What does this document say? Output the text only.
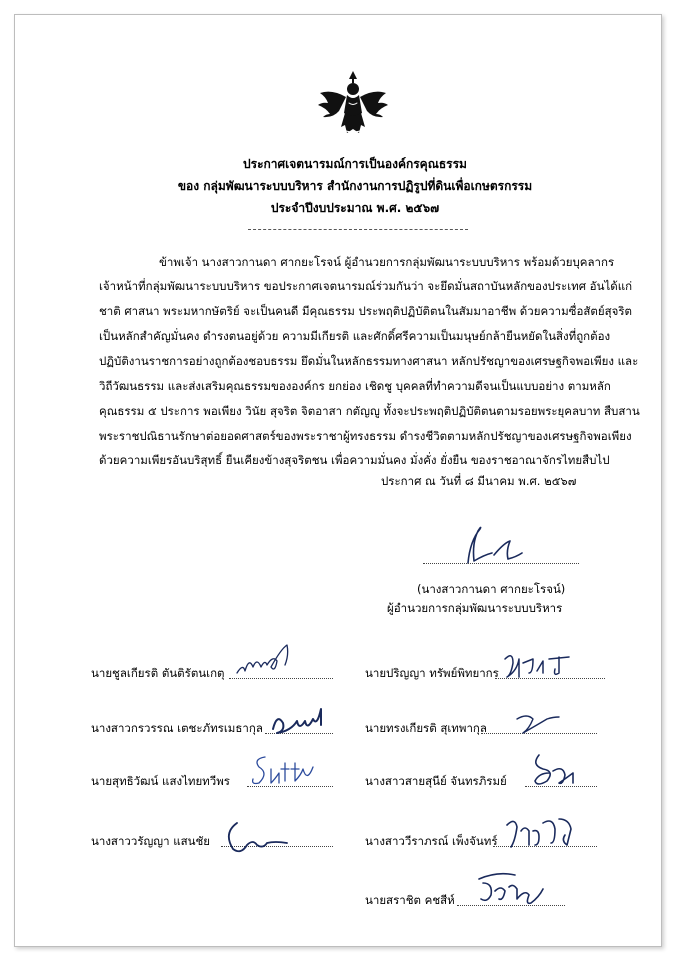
ประกาศเจตนารมณ์การเป็นองค์กรคุณธรรม
ของ กลุ่มพัฒนาระบบบริหาร สำนักงานการปฏิรูปที่ดินเพื่อเกษตรกรรม
ประจำปีงบประมาณ พ.ศ. ๒๕๖๗
ข้าพเจ้า นางสาวกานดา ศากยะโรจน์ ผู้อำนวยการกลุ่มพัฒนาระบบบริหาร พร้อมด้วยบุคลากร
เจ้าหน้าที่กลุ่มพัฒนาระบบบริหาร ขอประกาศเจตนารมณ์ร่วมกันว่า จะยึดมั่นสถาบันหลักของประเทศ อันได้แก่
ชาติ ศาสนา พระมหากษัตริย์ จะเป็นคนดี มีคุณธรรม ประพฤติปฏิบัติตนในสัมมาอาชีพ ด้วยความซื่อสัตย์สุจริต
เป็นหลักสำคัญมั่นคง ดำรงตนอยู่ด้วย ความมีเกียรติ และศักดิ์ศรีความเป็นมนุษย์กล้ายืนหยัดในสิ่งที่ถูกต้อง
ปฏิบัติงานราชการอย่างถูกต้องชอบธรรม ยึดมั่นในหลักธรรมทางศาสนา หลักปรัชญาของเศรษฐกิจพอเพียง และ
วิถีวัฒนธรรม และส่งเสริมคุณธรรมขององค์กร ยกย่อง เชิดชู บุคคลที่ทำความดีจนเป็นแบบอย่าง ตามหลัก
คุณธรรม ๕ ประการ พอเพียง วินัย สุจริต จิตอาสา กตัญญู ทั้งจะประพฤติปฏิบัติตนตามรอยพระยุคลบาท สืบสาน
พระราชปณิธานรักษาต่อยอดศาสตร์ของพระราชาผู้ทรงธรรม ดำรงชีวิตตามหลักปรัชญาของเศรษฐกิจพอเพียง
ด้วยความเพียรอันบริสุทธิ์ ยืนเคียงข้างสุจริตชน เพื่อความมั่นคง มั่งคั่ง ยั่งยืน ของราชอาณาจักรไทยสืบไป
ประกาศ ณ วันที่ ๘ มีนาคม พ.ศ. ๒๕๖๗
(นางสาวกานดา ศากยะโรจน์)
ผู้อำนวยการกลุ่มพัฒนาระบบบริหาร
นายชูลเกียรติ ตันติรัตนเกตุ
นางสาวกรวรรณ เตชะภัทรเมธากุล
นายสุทธิวัฒน์ แสงไทยทวีพร
นางสาววรัญญา แสนชัย
นายปริญญา ทรัพย์พิทยากร
นายทรงเกียรติ สุเทพากุล
นางสาวสายสุนีย์ จันทรภิรมย์
นางสาววีราภรณ์ เพ็งจันทร์
นายสราชิต คชสีห์
